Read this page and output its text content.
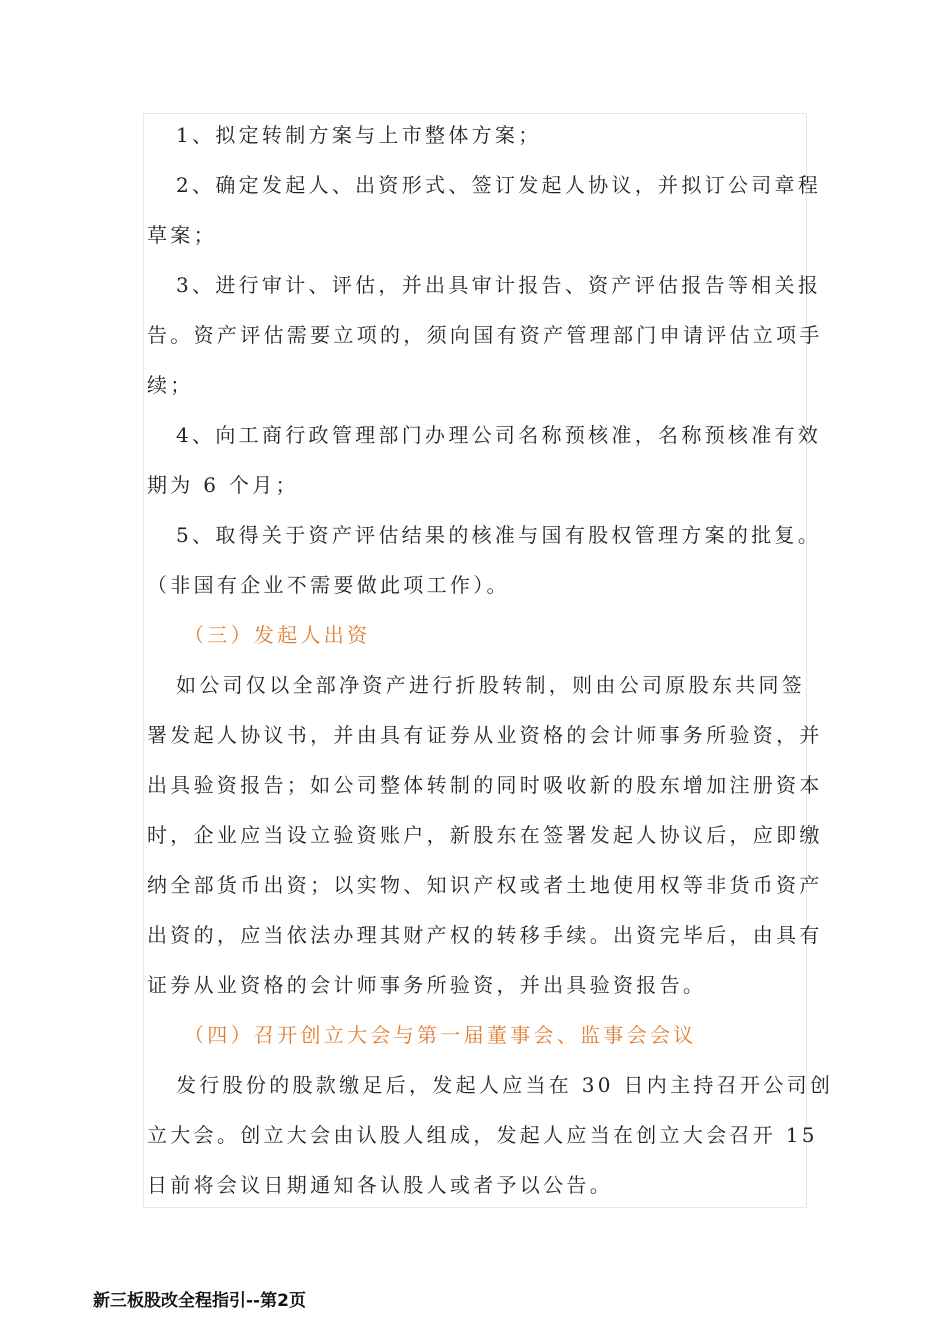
1、拟定转制方案与上市整体方案；
2、确定发起人、出资形式、签订发起人协议，并拟订公司章程
草案；
3、进行审计、评估，并出具审计报告、资产评估报告等相关报
告。资产评估需要立项的，须向国有资产管理部门申请评估立项手
续；
4、向工商行政管理部门办理公司名称预核准，名称预核准有效
期为 6 个月；
5、取得关于资产评估结果的核准与国有股权管理方案的批复。
（非国有企业不需要做此项工作）。
（三）发起人出资
如公司仅以全部净资产进行折股转制，则由公司原股东共同签
署发起人协议书，并由具有证券从业资格的会计师事务所验资，并
出具验资报告；如公司整体转制的同时吸收新的股东增加注册资本
时，企业应当设立验资账户，新股东在签署发起人协议后，应即缴
纳全部货币出资；以实物、知识产权或者土地使用权等非货币资产
出资的，应当依法办理其财产权的转移手续。出资完毕后，由具有
证券从业资格的会计师事务所验资，并出具验资报告。
（四）召开创立大会与第一届董事会、监事会会议
发行股份的股款缴足后，发起人应当在 30 日内主持召开公司创
立大会。创立大会由认股人组成，发起人应当在创立大会召开 15
日前将会议日期通知各认股人或者予以公告。
新三板股改全程指引--第2页
